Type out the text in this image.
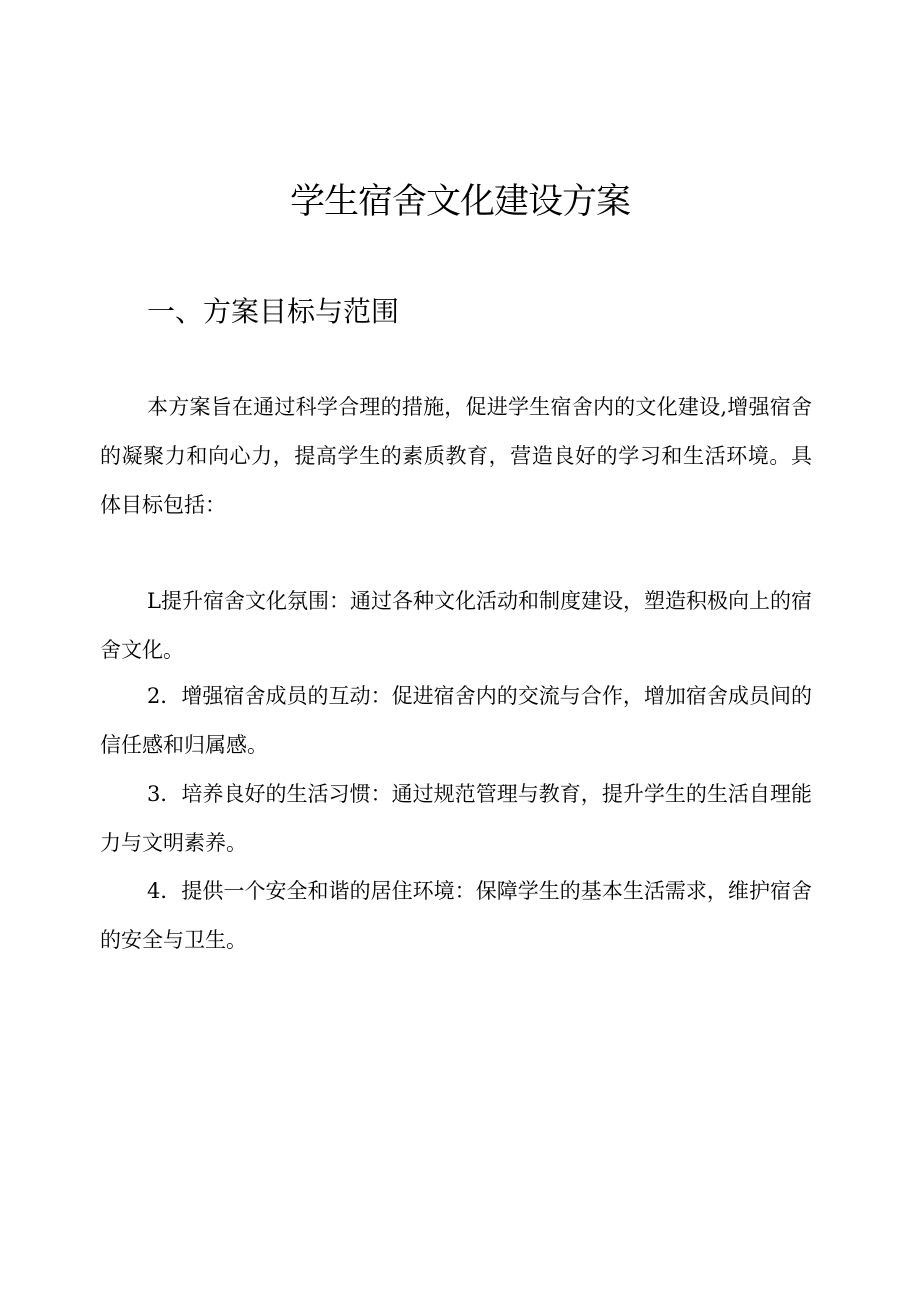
学生宿舍文化建设方案
一、方案目标与范围

本方案旨在通过科学合理的措施，促进学生宿舍内的文化建设,增强宿舍的凝聚力和向心力，提高学生的素质教育，营造良好的学习和生活环境。具体目标包括：

L提升宿舍文化氛围：通过各种文化活动和制度建设，塑造积极向上的宿舍文化。

2．增强宿舍成员的互动：促进宿舍内的交流与合作，增加宿舍成员间的信任感和归属感。

3．培养良好的生活习惯：通过规范管理与教育，提升学生的生活自理能力与文明素养。

4．提供一个安全和谐的居住环境：保障学生的基本生活需求，维护宿舍的安全与卫生。
